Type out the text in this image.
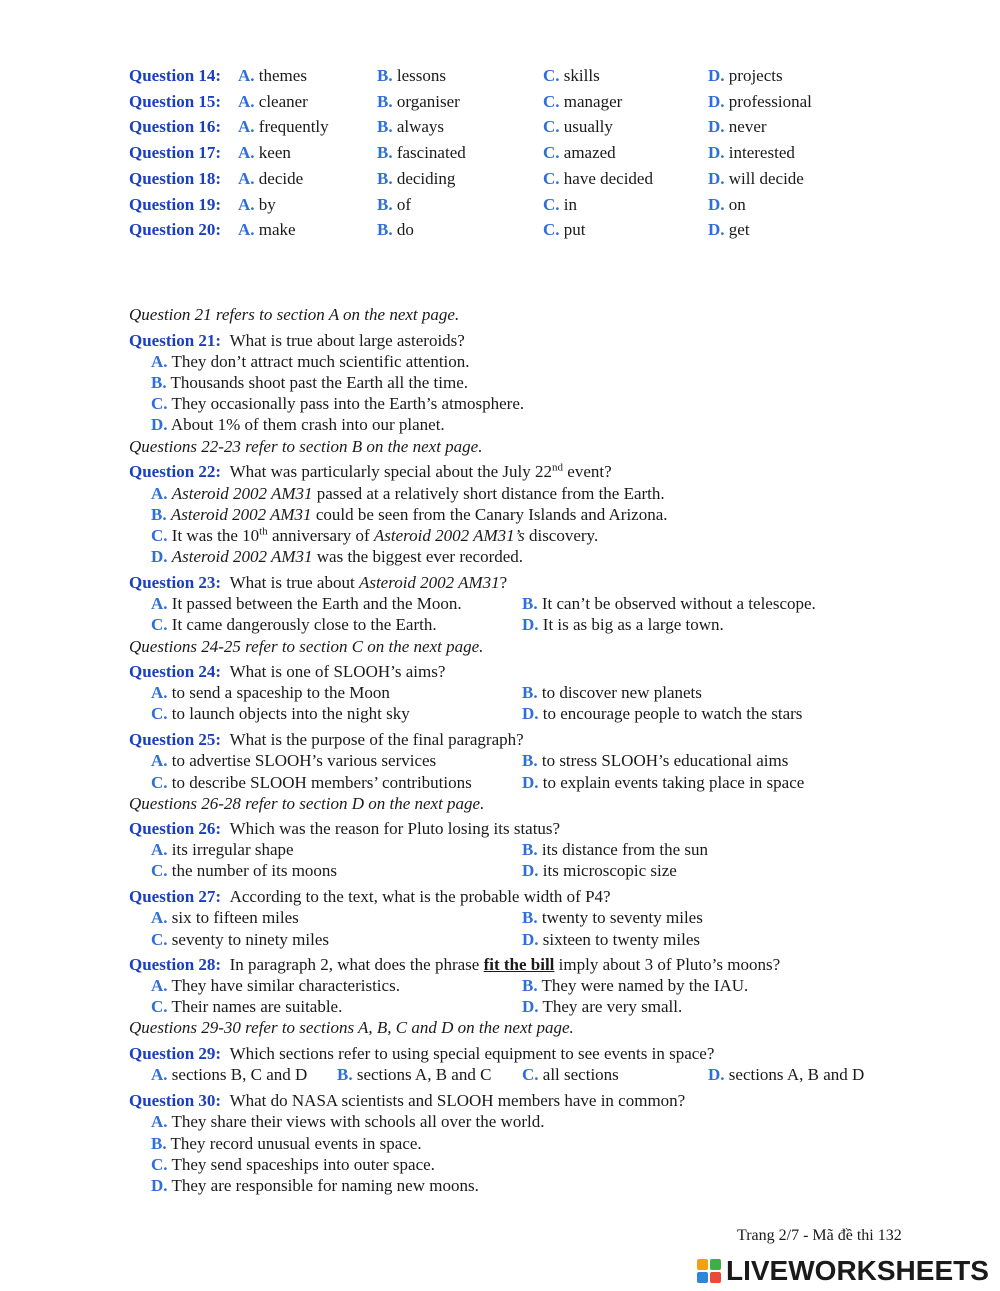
Question 14: A. themes	B. lessons	C. skills	D. projects
Question 15: A. cleaner	B. organiser	C. manager	D. professional
Question 16: A. frequently	B. always	C. usually	D. never
Question 17: A. keen	B. fascinated	C. amazed	D. interested
Question 18: A. decide	B. deciding	C. have decided	D. will decide
Question 19: A. by	B. of	C. in	D. on
Question 20: A. make	B. do	C. put	D. get
Question 21 refers to section A on the next page.
Question 21: What is true about large asteroids?
A. They don’t attract much scientific attention.
B. Thousands shoot past the Earth all the time.
C. They occasionally pass into the Earth’s atmosphere.
D. About 1% of them crash into our planet.
Questions 22-23 refer to section B on the next page.
Question 22: What was particularly special about the July 22nd event?
A. Asteroid 2002 AM31 passed at a relatively short distance from the Earth.
B. Asteroid 2002 AM31 could be seen from the Canary Islands and Arizona.
C. It was the 10th anniversary of Asteroid 2002 AM31’s discovery.
D. Asteroid 2002 AM31 was the biggest ever recorded.
Question 23: What is true about Asteroid 2002 AM31?
A. It passed between the Earth and the Moon.	B. It can’t be observed without a telescope.
C. It came dangerously close to the Earth.	D. It is as big as a large town.
Questions 24-25 refer to section C on the next page.
Question 24: What is one of SLOOH’s aims?
A. to send a spaceship to the Moon	B. to discover new planets
C. to launch objects into the night sky	D. to encourage people to watch the stars
Question 25: What is the purpose of the final paragraph?
A. to advertise SLOOH’s various services	B. to stress SLOOH’s educational aims
C. to describe SLOOH members’ contributions	D. to explain events taking place in space
Questions 26-28 refer to section D on the next page.
Question 26: Which was the reason for Pluto losing its status?
A. its irregular shape	B. its distance from the sun
C. the number of its moons	D. its microscopic size
Question 27: According to the text, what is the probable width of P4?
A. six to fifteen miles	B. twenty to seventy miles
C. seventy to ninety miles	D. sixteen to twenty miles
Question 28: In paragraph 2, what does the phrase fit the bill imply about 3 of Pluto’s moons?
A. They have similar characteristics.	B. They were named by the IAU.
C. Their names are suitable.	D. They are very small.
Questions 29-30 refer to sections A, B, C and D on the next page.
Question 29: Which sections refer to using special equipment to see events in space?
A. sections B, C and D B. sections A, B and C C. all sections	D. sections A, B and D
Question 30: What do NASA scientists and SLOOH members have in common?
A. They share their views with schools all over the world.
B. They record unusual events in space.
C. They send spaceships into outer space.
D. They are responsible for naming new moons.
Trang 2/7 - Mã đề thi 132
LIVEWORKSHEETS
